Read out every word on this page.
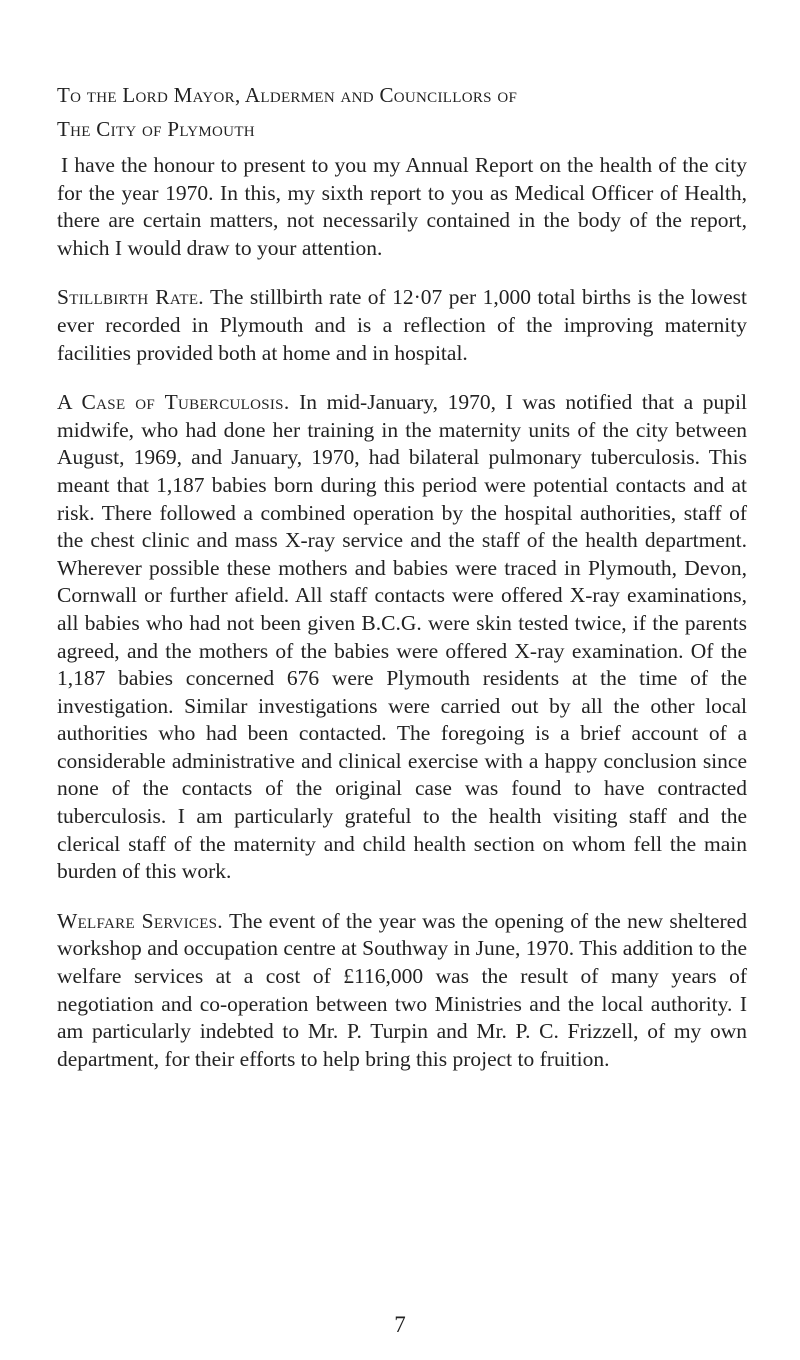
To the Lord Mayor, Aldermen and Councillors of

The City of Plymouth

I have the honour to present to you my Annual Report on the health of the city for the year 1970. In this, my sixth report to you as Medical Officer of Health, there are certain matters, not necessarily contained in the body of the report, which I would draw to your attention.

Stillbirth Rate. The stillbirth rate of 12·07 per 1,000 total births is the lowest ever recorded in Plymouth and is a reflection of the improving maternity facilities provided both at home and in hospital.

A Case of Tuberculosis. In mid-January, 1970, I was notified that a pupil midwife, who had done her training in the maternity units of the city between August, 1969, and January, 1970, had bilateral pulmonary tuberculosis. This meant that 1,187 babies born during this period were potential contacts and at risk. There followed a combined operation by the hospital authorities, staff of the chest clinic and mass X-ray service and the staff of the health department. Wherever possible these mothers and babies were traced in Plymouth, Devon, Cornwall or further afield. All staff contacts were offered X-ray examinations, all babies who had not been given B.C.G. were skin tested twice, if the parents agreed, and the mothers of the babies were offered X-ray examination. Of the 1,187 babies concerned 676 were Plymouth residents at the time of the investigation. Similar investigations were carried out by all the other local authorities who had been contacted. The foregoing is a brief account of a considerable administrative and clinical exercise with a happy conclusion since none of the contacts of the original case was found to have contracted tuberculosis. I am particularly grateful to the health visiting staff and the clerical staff of the maternity and child health section on whom fell the main burden of this work.

Welfare Services. The event of the year was the opening of the new sheltered workshop and occupation centre at Southway in June, 1970. This addition to the welfare services at a cost of £116,000 was the result of many years of negotiation and co-operation between two Ministries and the local authority. I am particularly indebted to Mr. P. Turpin and Mr. P. C. Frizzell, of my own department, for their efforts to help bring this project to fruition.

7
